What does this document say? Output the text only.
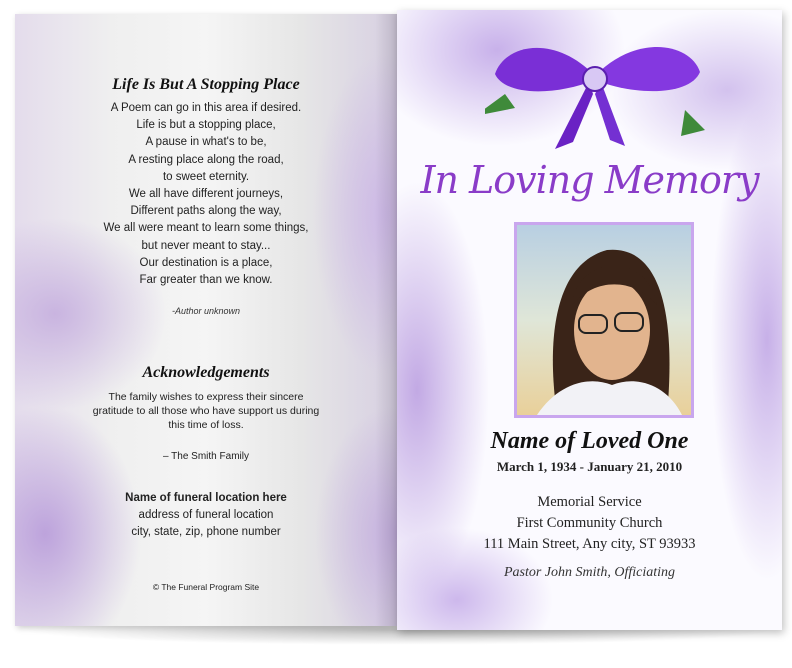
Life Is But A Stopping Place
A Poem can go in this area if desired.
Life is but a stopping place,
A pause in what's to be,
A resting place along the road,
to sweet eternity.
We all have different journeys,
Different paths along the way,
We all were meant to learn some things,
but never meant to stay...
Our destination is a place,
Far greater than we know.
-Author unknown
Acknowledgements
The family wishes to express their sincere gratitude to all those who have support us during this time of loss.
– The Smith Family
Name of funeral location here
address of funeral location
city, state, zip, phone number
© The Funeral Program Site
In Loving Memory
Name of Loved One
March 1, 1934 - January 21, 2010
Memorial Service
First Community Church
111 Main Street, Any city, ST 93933
Pastor John Smith, Officiating
